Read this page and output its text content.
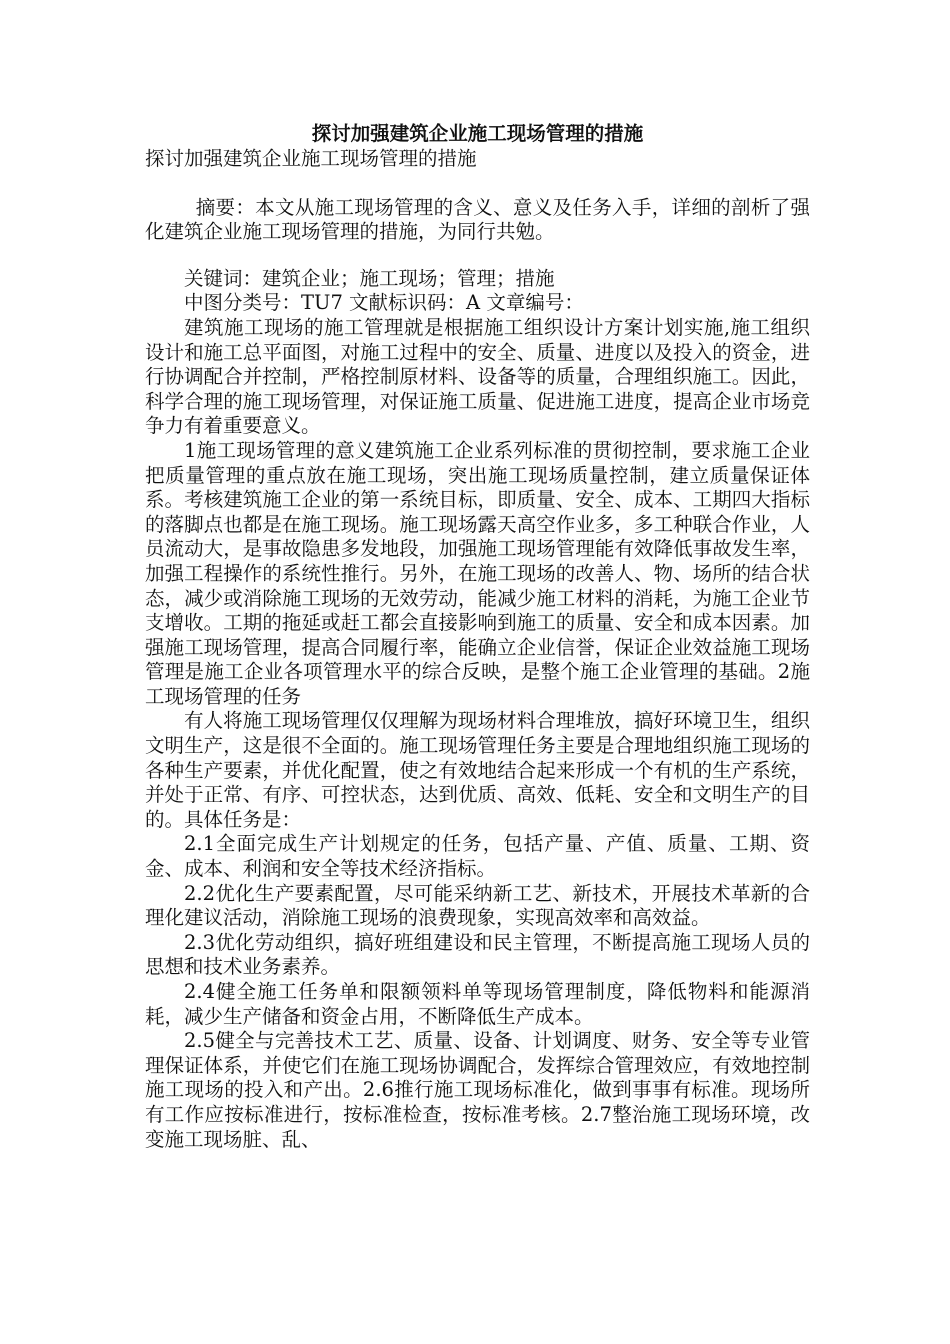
探讨加强建筑企业施工现场管理的措施

探讨加强建筑企业施工现场管理的措施

摘要：本文从施工现场管理的含义、意义及任务入手，详细的剖析了强化建筑企业施工现场管理的措施，为同行共勉。

关键词：建筑企业；施工现场；管理；措施

中图分类号：TU7 文献标识码：A 文章编号：

建筑施工现场的施工管理就是根据施工组织设计方案计划实施,施工组织设计和施工总平面图，对施工过程中的安全、质量、进度以及投入的资金，进行协调配合并控制，严格控制原材料、设备等的质量，合理组织施工。因此，科学合理的施工现场管理，对保证施工质量、促进施工进度，提高企业市场竞争力有着重要意义。

1施工现场管理的意义建筑施工企业系列标准的贯彻控制，要求施工企业把质量管理的重点放在施工现场，突出施工现场质量控制，建立质量保证体系。考核建筑施工企业的第一系统目标，即质量、安全、成本、工期四大指标的落脚点也都是在施工现场。施工现场露天高空作业多，多工种联合作业，人员流动大，是事故隐患多发地段，加强施工现场管理能有效降低事故发生率，加强工程操作的系统性推行。另外，在施工现场的改善人、物、场所的结合状态，减少或消除施工现场的无效劳动，能减少施工材料的消耗，为施工企业节支增收。工期的拖延或赶工都会直接影响到施工的质量、安全和成本因素。加强施工现场管理，提高合同履行率，能确立企业信誉，保证企业效益施工现场管理是施工企业各项管理水平的综合反映，是整个施工企业管理的基础。2施工现场管理的任务

有人将施工现场管理仅仅理解为现场材料合理堆放，搞好环境卫生，组织文明生产，这是很不全面的。施工现场管理任务主要是合理地组织施工现场的各种生产要素，并优化配置，使之有效地结合起来形成一个有机的生产系统，并处于正常、有序、可控状态，达到优质、高效、低耗、安全和文明生产的目的。具体任务是：

2.1全面完成生产计划规定的任务，包括产量、产值、质量、工期、资金、成本、利润和安全等技术经济指标。

2.2优化生产要素配置，尽可能采纳新工艺、新技术，开展技术革新的合理化建议活动，消除施工现场的浪费现象，实现高效率和高效益。

2.3优化劳动组织，搞好班组建设和民主管理，不断提高施工现场人员的思想和技术业务素养。

2.4健全施工任务单和限额领料单等现场管理制度，降低物料和能源消耗，减少生产储备和资金占用，不断降低生产成本。

2.5健全与完善技术工艺、质量、设备、计划调度、财务、安全等专业管理保证体系，并使它们在施工现场协调配合，发挥综合管理效应，有效地控制施工现场的投入和产出。2.6推行施工现场标准化，做到事事有标准。现场所有工作应按标准进行，按标准检查，按标准考核。2.7整治施工现场环境，改变施工现场脏、乱、
